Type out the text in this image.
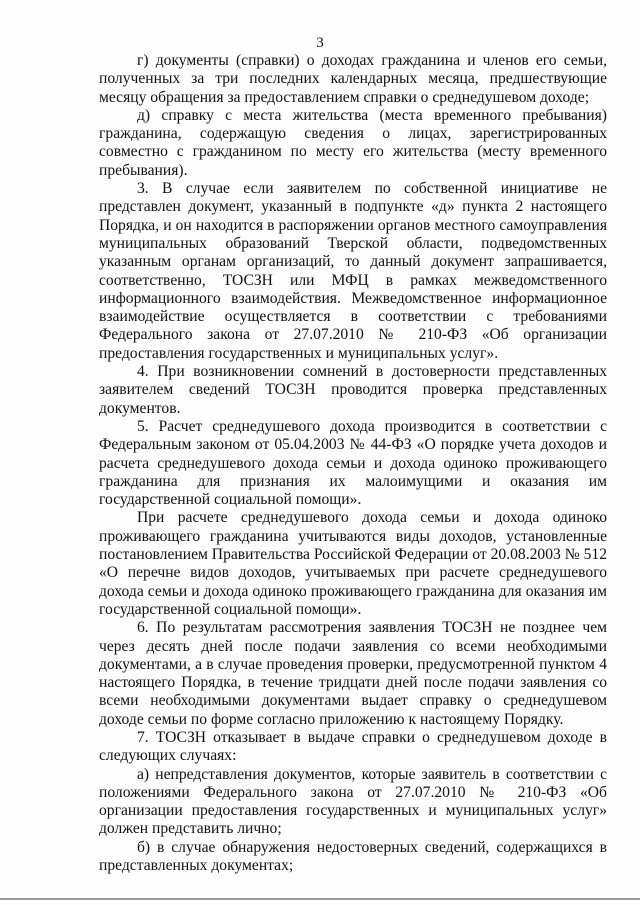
3

г) документы (справки) о доходах гражданина и членов его семьи, полученных за три последних календарных месяца, предшествующие месяцу обращения за предоставлением справки о среднедушевом доходе;

д) справку с места жительства (места временного пребывания) гражданина, содержащую сведения о лицах, зарегистрированных совместно с гражданином по месту его жительства (месту временного пребывания).

3. В случае если заявителем по собственной инициативе не представлен документ, указанный в подпункте «д» пункта 2 настоящего Порядка, и он находится в распоряжении органов местного самоуправления муниципальных образований Тверской области, подведомственных указанным органам организаций, то данный документ запрашивается, соответственно, ТОСЗН или МФЦ в рамках межведомственного информационного взаимодействия. Межведомственное информационное взаимодействие осуществляется в соответствии с требованиями Федерального закона от 27.07.2010 № 210-ФЗ «Об организации предоставления государственных и муниципальных услуг».

4. При возникновении сомнений в достоверности представленных заявителем сведений ТОСЗН проводится проверка представленных документов.

5. Расчет среднедушевого дохода производится в соответствии с Федеральным законом от 05.04.2003 № 44-ФЗ «О порядке учета доходов и расчета среднедушевого дохода семьи и дохода одиноко проживающего гражданина для признания их малоимущими и оказания им государственной социальной помощи».

При расчете среднедушевого дохода семьи и дохода одиноко проживающего гражданина учитываются виды доходов, установленные постановлением Правительства Российской Федерации от 20.08.2003 № 512 «О перечне видов доходов, учитываемых при расчете среднедушевого дохода семьи и дохода одиноко проживающего гражданина для оказания им государственной социальной помощи».

6. По результатам рассмотрения заявления ТОСЗН не позднее чем через десять дней после подачи заявления со всеми необходимыми документами, а в случае проведения проверки, предусмотренной пунктом 4 настоящего Порядка, в течение тридцати дней после подачи заявления со всеми необходимыми документами выдает справку о среднедушевом доходе семьи по форме согласно приложению к настоящему Порядку.

7. ТОСЗН отказывает в выдаче справки о среднедушевом доходе в следующих случаях:

а) непредставления документов, которые заявитель в соответствии с положениями Федерального закона от 27.07.2010 № 210-ФЗ «Об организации предоставления государственных и муниципальных услуг» должен представить лично;

б) в случае обнаружения недостоверных сведений, содержащихся в представленных документах;
